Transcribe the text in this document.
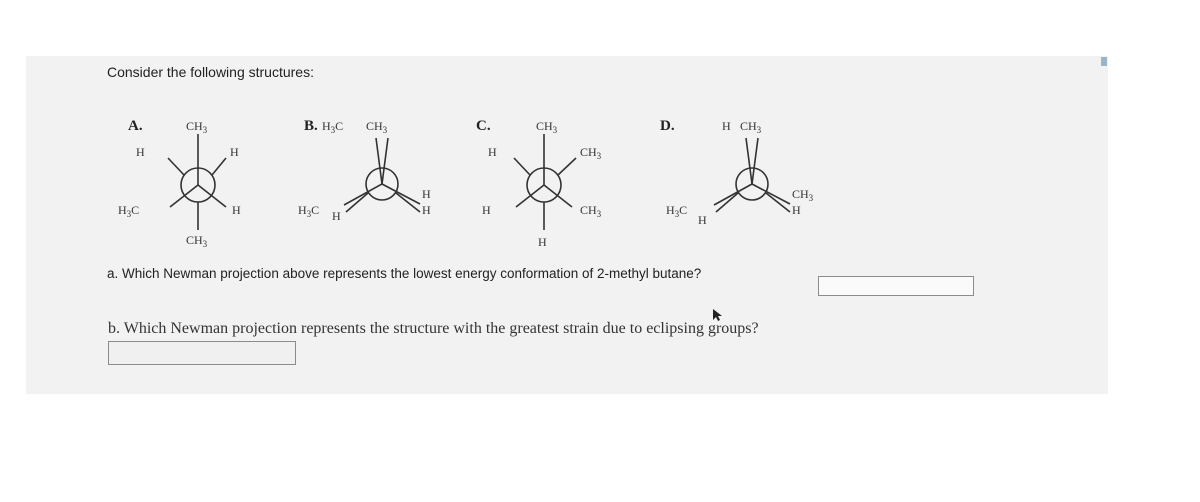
Consider the following structures:
A.	$CH_3$
H	H
$H_3C$	H
$CH_3$
B. $H_3C$ $CH_3$
$H_3C$ H
H
H
C.	$CH_3$
H	$CH_3$
H	$CH_3$
H
D.	H $CH_3$
$H_3C$
H
$CH_3$
H
a. Which Newman projection above represents the lowest energy conformation of 2-methyl butane?
b. Which Newman projection represents the structure with the greatest strain due to eclipsing groups?
